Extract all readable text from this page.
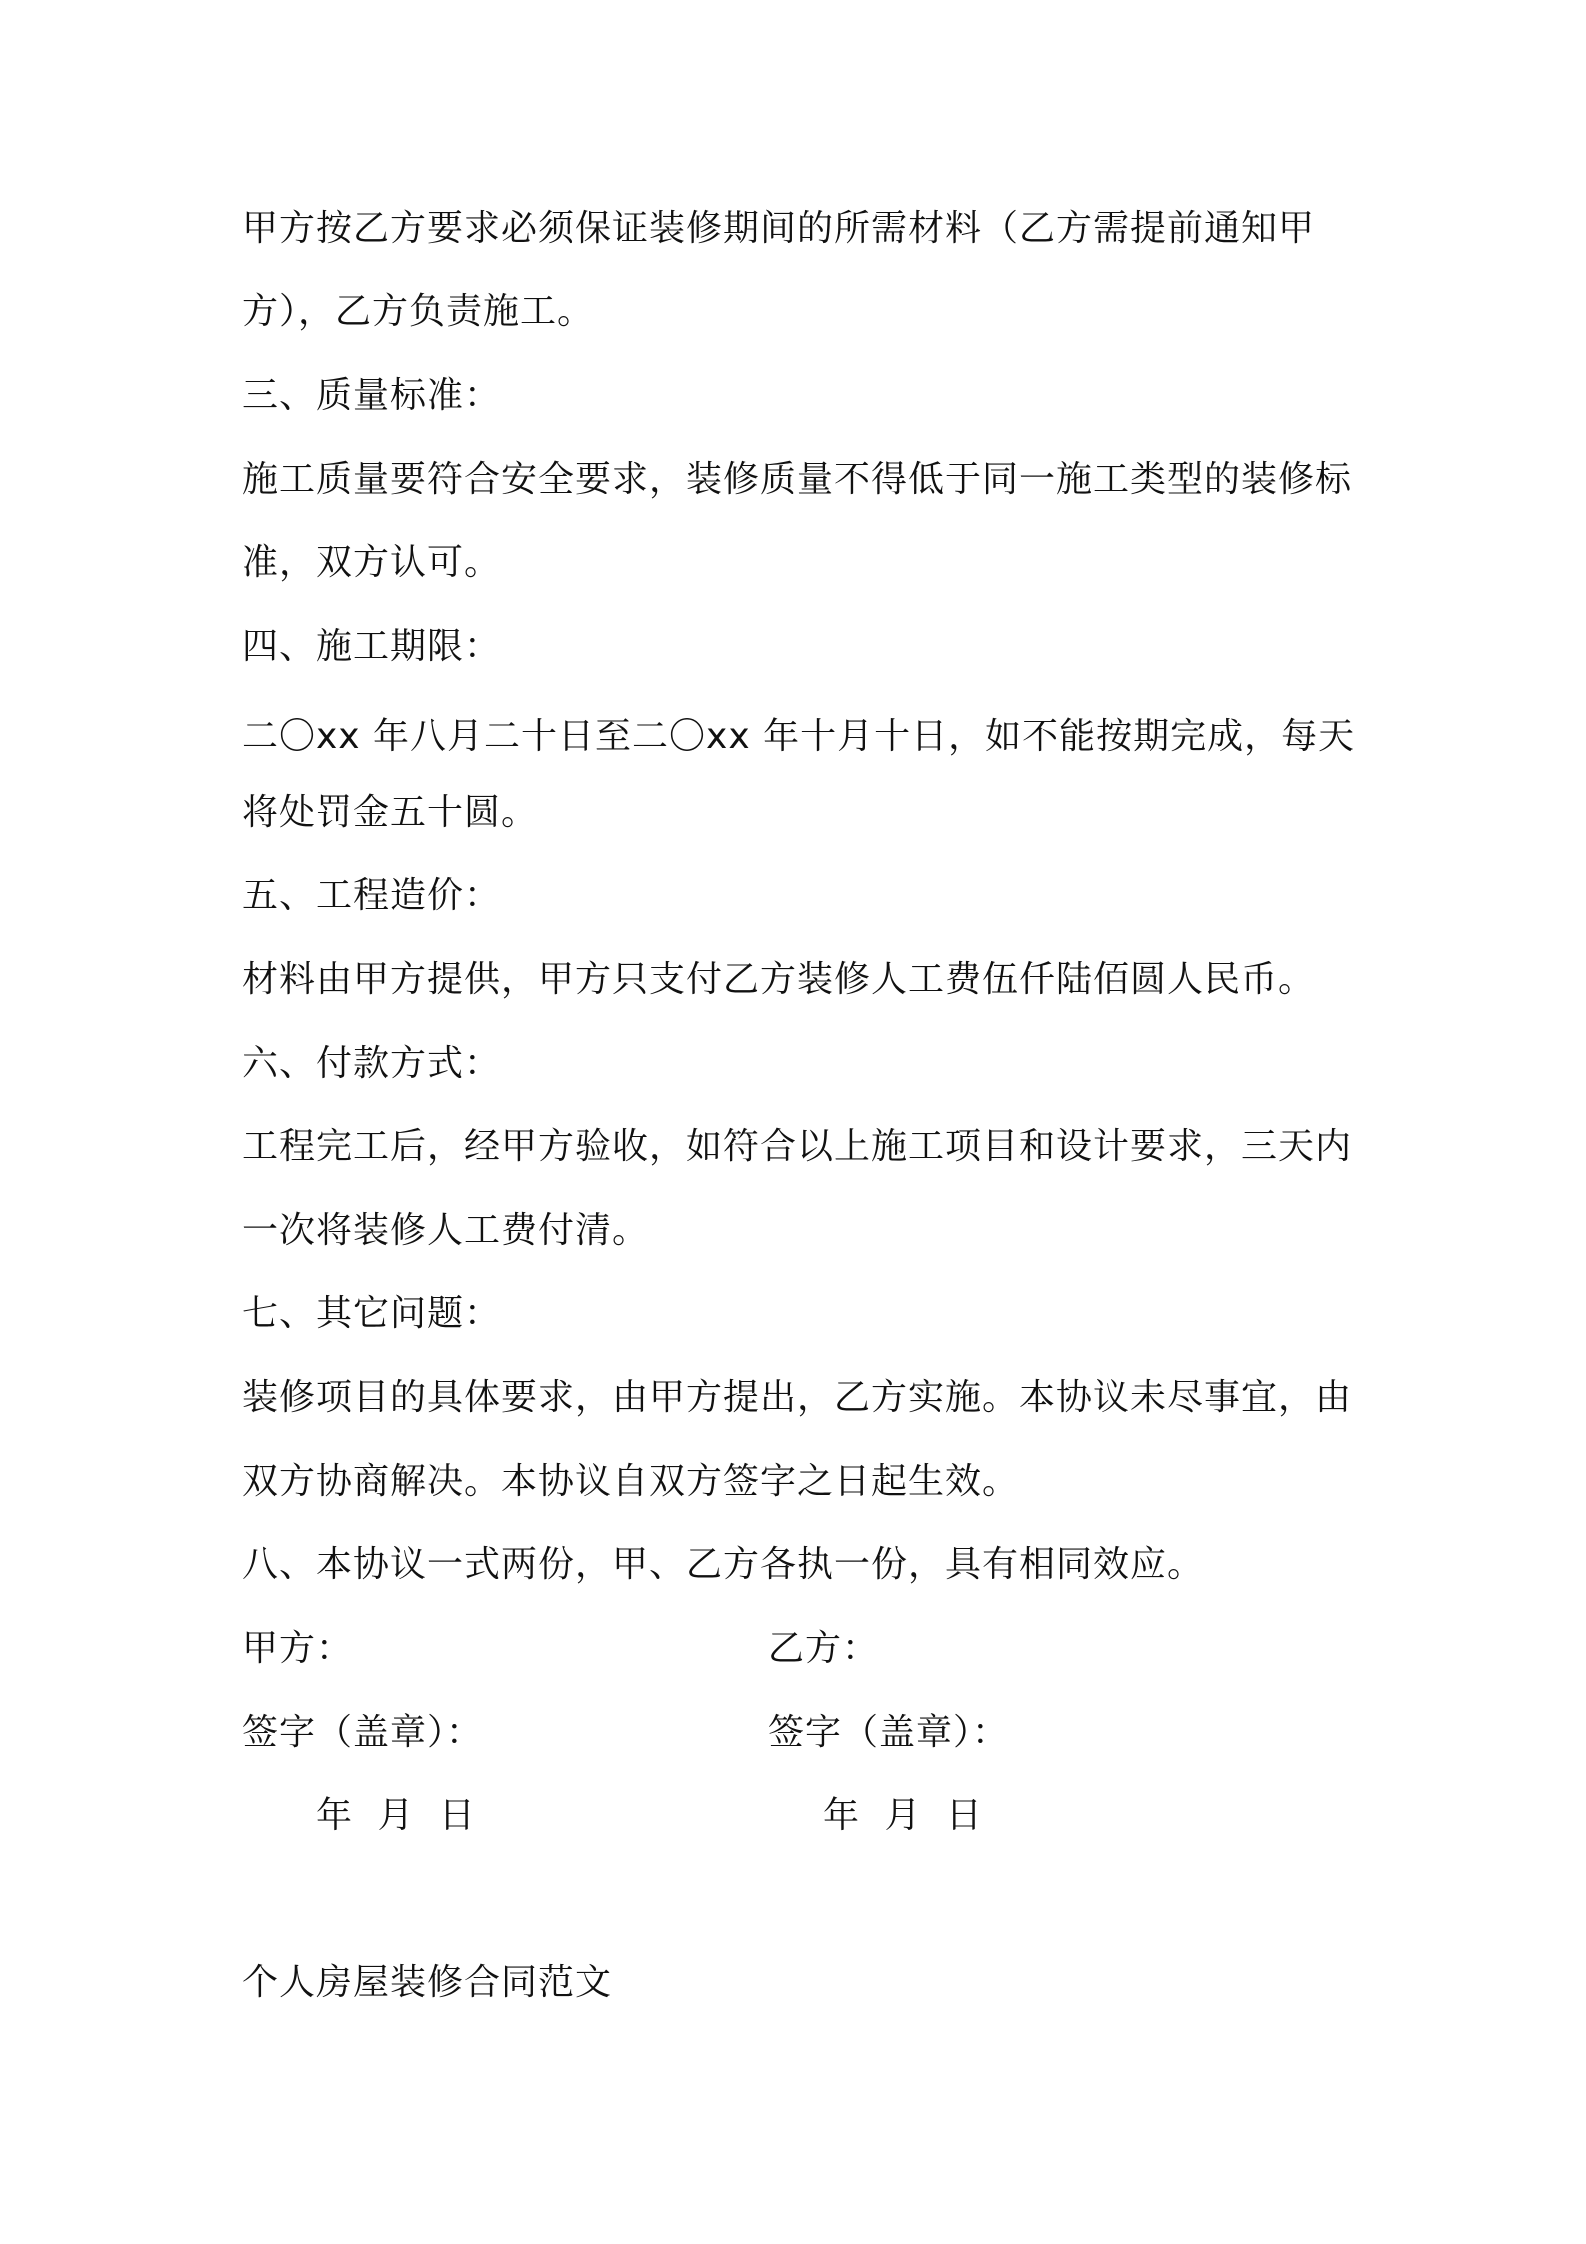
甲方按乙方要求必须保证装修期间的所需材料（乙方需提前通知甲
方），乙方负责施工。
三、质量标准：
施工质量要符合安全要求，装修质量不得低于同一施工类型的装修标
准，双方认可。
四、施工期限：
二〇xx 年八月二十日至二〇xx 年十月十日，如不能按期完成，每天
将处罚金五十圆。
五、工程造价：
材料由甲方提供，甲方只支付乙方装修人工费伍仟陆佰圆人民币。
六、付款方式：
工程完工后，经甲方验收，如符合以上施工项目和设计要求，三天内
一次将装修人工费付清。
七、其它问题：
装修项目的具体要求，由甲方提出，乙方实施。本协议未尽事宜，由
双方协商解决。本协议自双方签字之日起生效。
八、本协议一式两份，甲、乙方各执一份，具有相同效应。
甲方：	乙方：
签字（盖章）：	签字（盖章）：
年 月 日	年 月 日
个人房屋装修合同范文
